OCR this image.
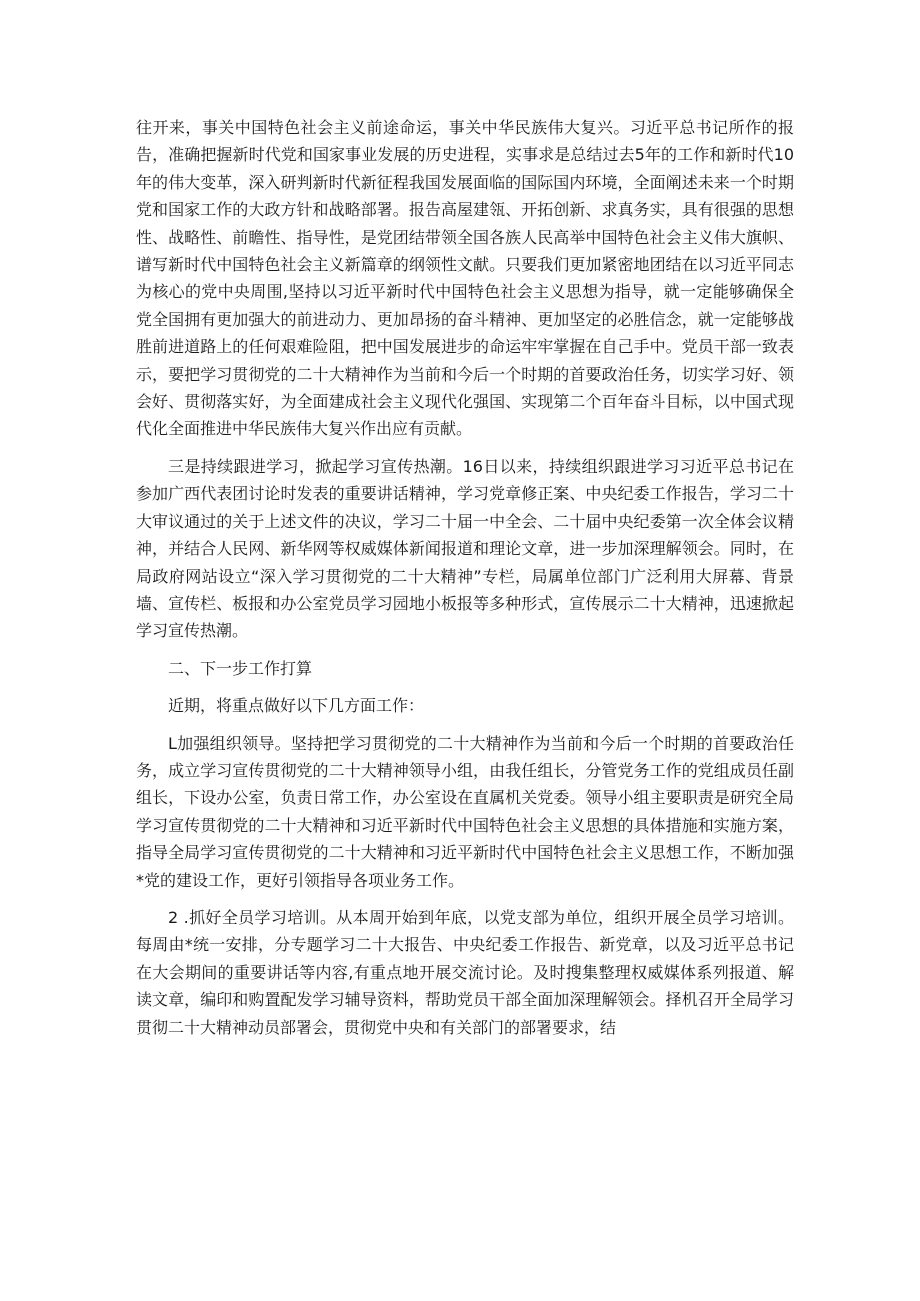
往开来，事关中国特色社会主义前途命运，事关中华民族伟大复兴。习近平总书记所作的报告，准确把握新时代党和国家事业发展的历史进程，实事求是总结过去5年的工作和新时代10年的伟大变革，深入研判新时代新征程我国发展面临的国际国内环境，全面阐述未来一个时期党和国家工作的大政方针和战略部署。报告高屋建瓴、开拓创新、求真务实，具有很强的思想性、战略性、前瞻性、指导性，是党团结带领全国各族人民高举中国特色社会主义伟大旗帜、谱写新时代中国特色社会主义新篇章的纲领性文献。只要我们更加紧密地团结在以习近平同志为核心的党中央周围,坚持以习近平新时代中国特色社会主义思想为指导，就一定能够确保全党全国拥有更加强大的前进动力、更加昂扬的奋斗精神、更加坚定的必胜信念，就一定能够战胜前进道路上的任何艰难险阻，把中国发展进步的命运牢牢掌握在自己手中。党员干部一致表示，要把学习贯彻党的二十大精神作为当前和今后一个时期的首要政治任务，切实学习好、领会好、贯彻落实好，为全面建成社会主义现代化强国、实现第二个百年奋斗目标，以中国式现代化全面推进中华民族伟大复兴作出应有贡献。

三是持续跟进学习，掀起学习宣传热潮。16日以来，持续组织跟进学习习近平总书记在参加广西代表团讨论时发表的重要讲话精神，学习党章修正案、中央纪委工作报告，学习二十大审议通过的关于上述文件的决议，学习二十届一中全会、二十届中央纪委第一次全体会议精神，并结合人民网、新华网等权威媒体新闻报道和理论文章，进一步加深理解领会。同时，在局政府网站设立“深入学习贯彻党的二十大精神”专栏，局属单位部门广泛利用大屏幕、背景墙、宣传栏、板报和办公室党员学习园地小板报等多种形式，宣传展示二十大精神，迅速掀起学习宣传热潮。

二、下一步工作打算

近期，将重点做好以下几方面工作：

L加强组织领导。坚持把学习贯彻党的二十大精神作为当前和今后一个时期的首要政治任务，成立学习宣传贯彻党的二十大精神领导小组，由我任组长，分管党务工作的党组成员任副组长，下设办公室，负责日常工作，办公室设在直属机关党委。领导小组主要职责是研究全局学习宣传贯彻党的二十大精神和习近平新时代中国特色社会主义思想的具体措施和实施方案，指导全局学习宣传贯彻党的二十大精神和习近平新时代中国特色社会主义思想工作，不断加强*党的建设工作，更好引领指导各项业务工作。

2 .抓好全员学习培训。从本周开始到年底，以党支部为单位，组织开展全员学习培训。每周由*统一安排，分专题学习二十大报告、中央纪委工作报告、新党章，以及习近平总书记在大会期间的重要讲话等内容,有重点地开展交流讨论。及时搜集整理权威媒体系列报道、解读文章，编印和购置配发学习辅导资料，帮助党员干部全面加深理解领会。择机召开全局学习贯彻二十大精神动员部署会，贯彻党中央和有关部门的部署要求，结
